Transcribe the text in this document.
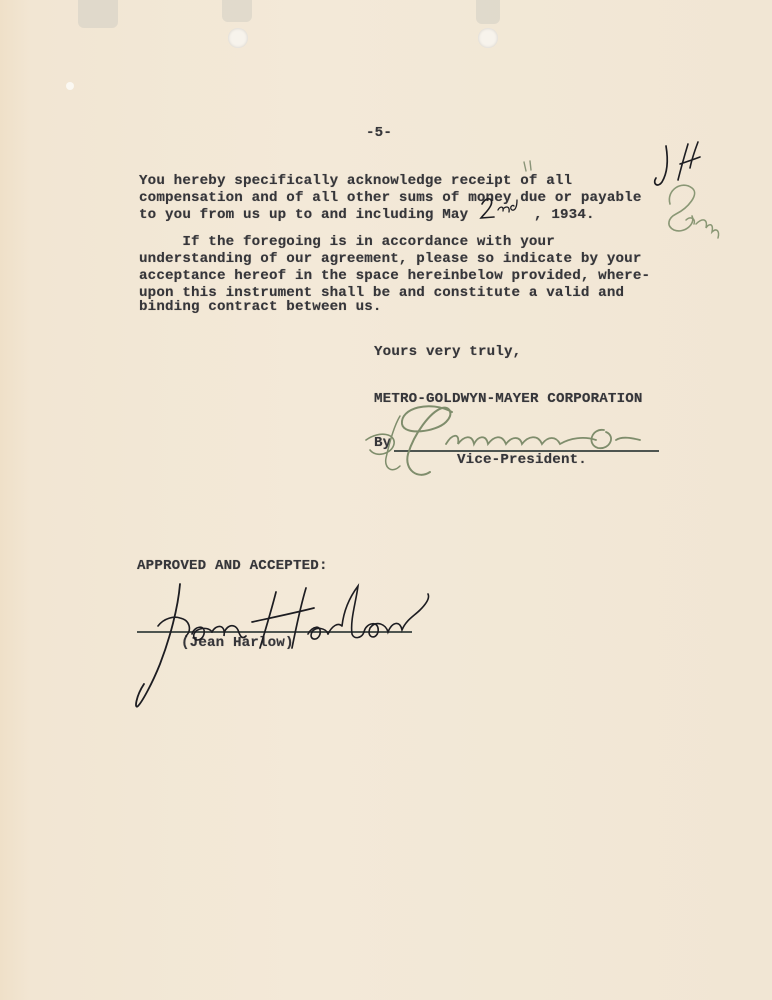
-5-
You hereby specifically acknowledge receipt of all
compensation and of all other sums of money due or payable
to you from us up to and including May	, 1934.
If the foregoing is in accordance with your
understanding of our agreement, please so indicate by your
acceptance hereof in the space hereinbelow provided, where-
upon this instrument shall be and constitute a valid and
binding contract between us.
Yours very truly,
METRO-GOLDWYN-MAYER CORPORATION
By
Vice-President.
APPROVED AND ACCEPTED:
(Jean Harlow)
